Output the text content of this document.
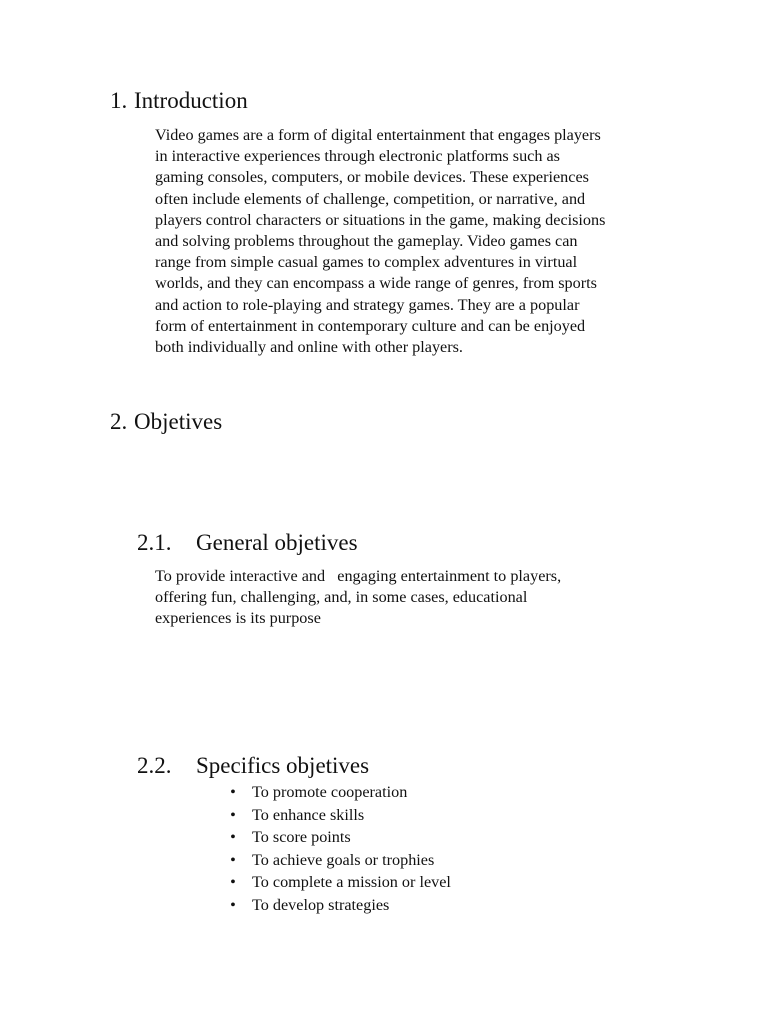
1. Introduction
Video games are a form of digital entertainment that engages players
in interactive experiences through electronic platforms such as
gaming consoles, computers, or mobile devices. These experiences
often include elements of challenge, competition, or narrative, and
players control characters or situations in the game, making decisions
and solving problems throughout the gameplay. Video games can
range from simple casual games to complex adventures in virtual
worlds, and they can encompass a wide range of genres, from sports
and action to role-playing and strategy games. They are a popular
form of entertainment in contemporary culture and can be enjoyed
both individually and online with other players.
2. Objetives
2.1. General objetives
To provide interactive and   engaging entertainment to players,
offering fun, challenging, and, in some cases, educational
experiences is its purpose
2.2. Specifics objetives
• To promote cooperation
• To enhance skills
• To score points
• To achieve goals or trophies
• To complete a mission or level
• To develop strategies
